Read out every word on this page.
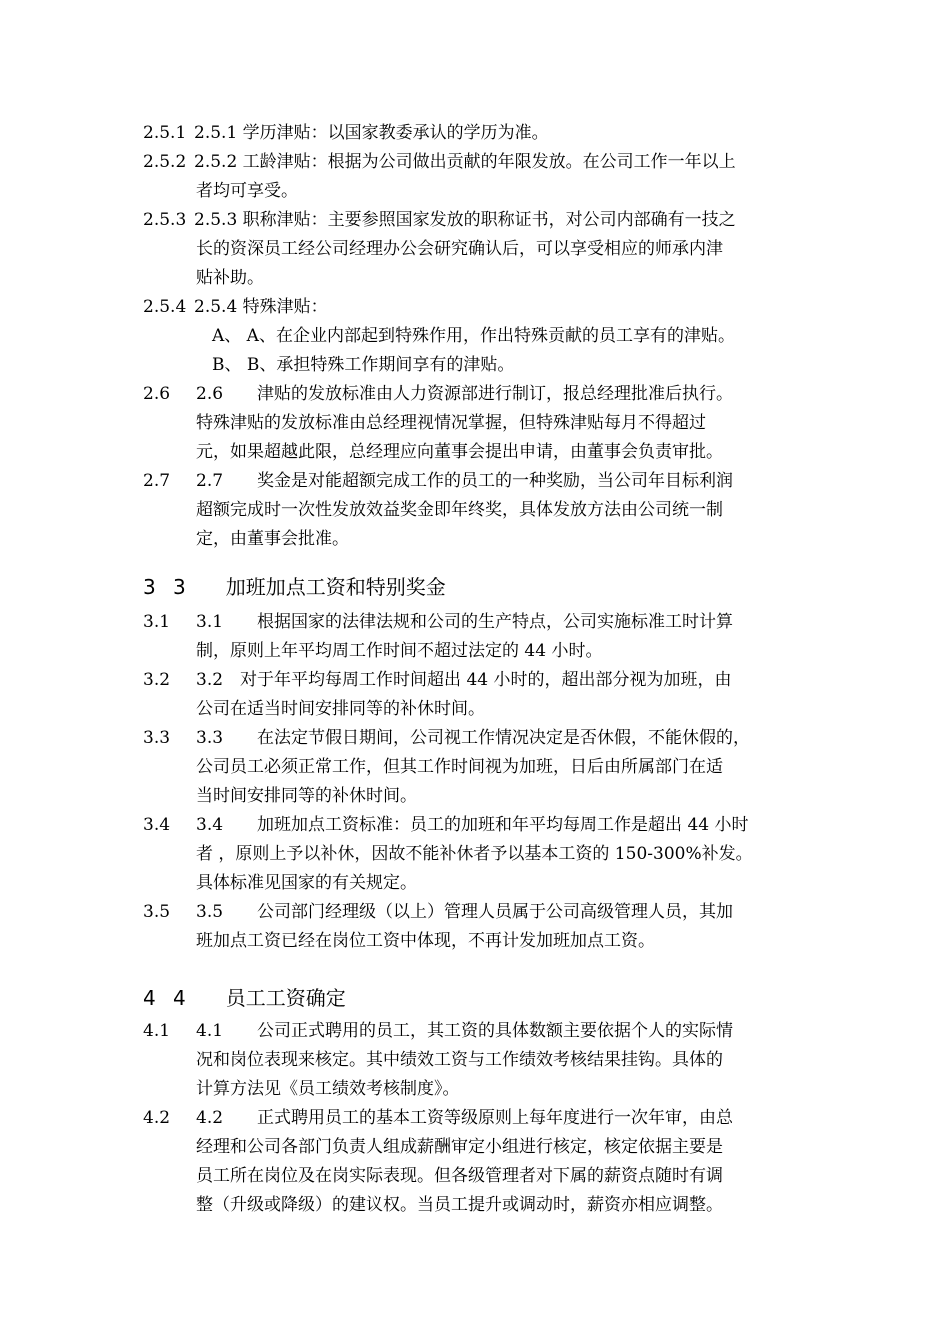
2.5.1 2.5.1 学历津贴：以国家教委承认的学历为准。
2.5.2 2.5.2 工龄津贴：根据为公司做出贡献的年限发放。在公司工作一年以上
者均可享受。
2.5.3 2.5.3 职称津贴：主要参照国家发放的职称证书，对公司内部确有一技之
长的资深员工经公司经理办公会研究确认后，可以享受相应的师承内津
贴补助。
2.5.4 2.5.4 特殊津贴：
A、 A、在企业内部起到特殊作用，作出特殊贡献的员工享有的津贴。
B、 B、承担特殊工作期间享有的津贴。
2.6 2.6　　津贴的发放标准由人力资源部进行制订，报总经理批准后执行。
特殊津贴的发放标准由总经理视情况掌握，但特殊津贴每月不得超过
元，如果超越此限，总经理应向董事会提出申请，由董事会负责审批。
2.7 2.7　　奖金是对能超额完成工作的员工的一种奖励，当公司年目标利润
超额完成时一次性发放效益奖金即年终奖，具体发放方法由公司统一制
定，由董事会批准。
3 3　　加班加点工资和特别奖金
3.1 3.1　　根据国家的法律法规和公司的生产特点，公司实施标准工时计算
制，原则上年平均周工作时间不超过法定的 44 小时。
3.2 3.2　对于年平均每周工作时间超出 44 小时的，超出部分视为加班，由
公司在适当时间安排同等的补休时间。
3.3 3.3　　在法定节假日期间，公司视工作情况决定是否休假，不能休假的，
公司员工必须正常工作，但其工作时间视为加班，日后由所属部门在适
当时间安排同等的补休时间。
3.4 3.4　　加班加点工资标准：员工的加班和年平均每周工作是超出 44 小时
者 ，原则上予以补休，因故不能补休者予以基本工资的 150-300%补发。
具体标准见国家的有关规定。
3.5 3.5　　公司部门经理级（以上）管理人员属于公司高级管理人员，其加
班加点工资已经在岗位工资中体现，不再计发加班加点工资。
4 4　　员工工资确定
4.1 4.1　　公司正式聘用的员工，其工资的具体数额主要依据个人的实际情
况和岗位表现来核定。其中绩效工资与工作绩效考核结果挂钩。具体的
计算方法见《员工绩效考核制度》。
4.2 4.2　　正式聘用员工的基本工资等级原则上每年度进行一次年审，由总
经理和公司各部门负责人组成薪酬审定小组进行核定，核定依据主要是
员工所在岗位及在岗实际表现。但各级管理者对下属的薪资点随时有调
整（升级或降级）的建议权。当员工提升或调动时，薪资亦相应调整。
